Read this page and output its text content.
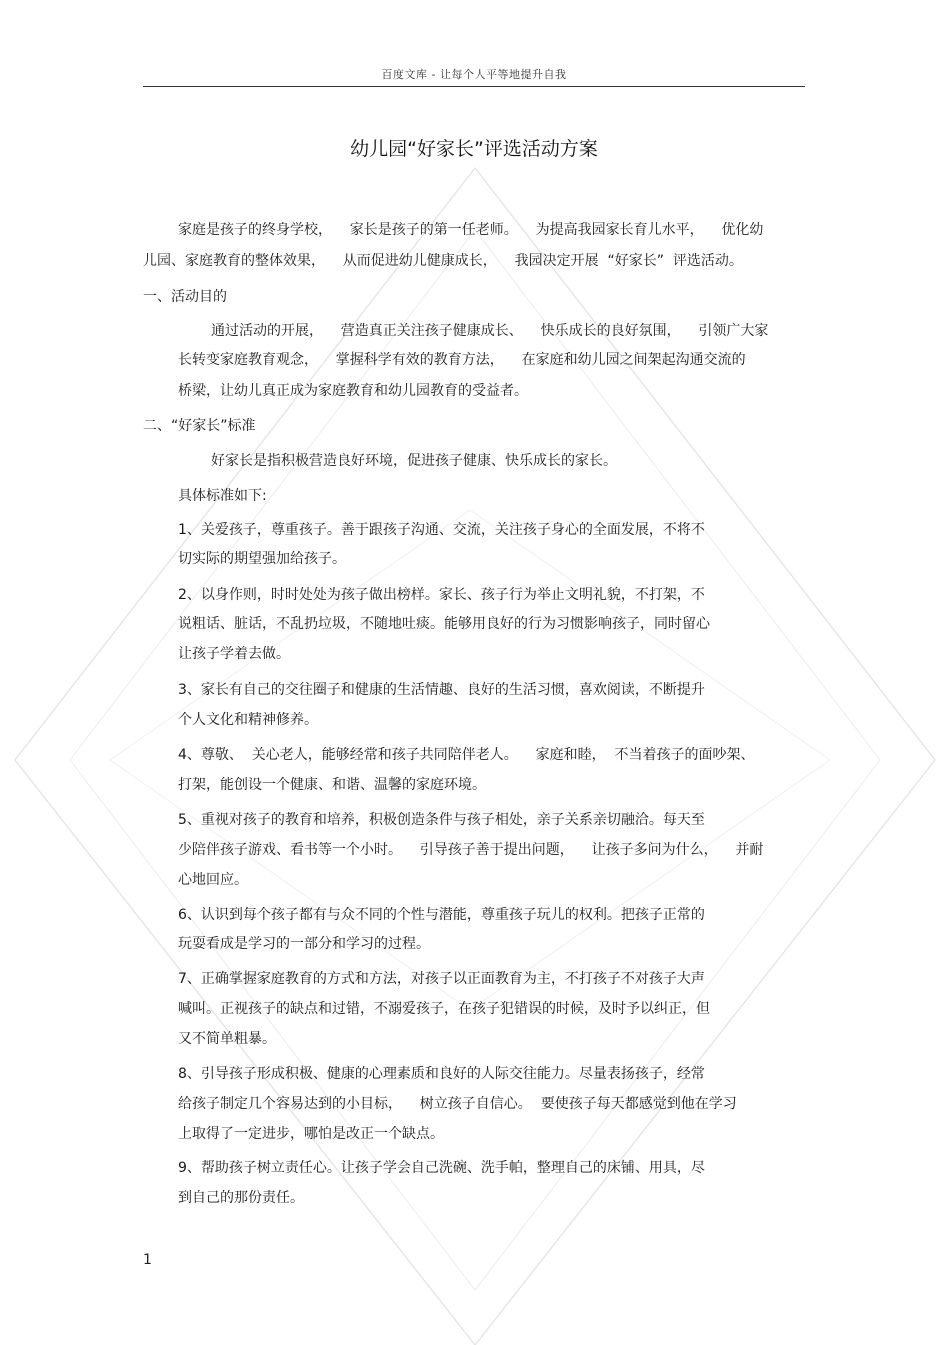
百度文库 - 让每个人平等地提升自我
幼儿园“好家长”评选活动方案
家庭是孩子的终身学校，    家长是孩子的第一任老师。    为提高我园家长育儿水平，    优化幼
儿园、家庭教育的整体效果，    从而促进幼儿健康成长，    我园决定开展  “好家长”  评选活动。
一、活动目的
通过活动的开展，    营造真正关注孩子健康成长、    快乐成长的良好氛围，    引领广大家
长转变家庭教育观念，    掌握科学有效的教育方法，    在家庭和幼儿园之间架起沟通交流的
桥梁，让幼儿真正成为家庭教育和幼儿园教育的受益者。
二、“好家长”标准
好家长是指积极营造良好环境，促进孩子健康、快乐成长的家长。
具体标准如下:
1、关爱孩子，尊重孩子。善于跟孩子沟通、交流，关注孩子身心的全面发展，不将不
切实际的期望强加给孩子。
2、以身作则，时时处处为孩子做出榜样。家长、孩子行为举止文明礼貌，不打架，不
说粗话、脏话，不乱扔垃圾，不随地吐痰。能够用良好的行为习惯影响孩子，同时留心
让孩子学着去做。
3、家长有自己的交往圈子和健康的生活情趣、良好的生活习惯，喜欢阅读，不断提升
个人文化和精神修养。
4、尊敬、  关心老人，能够经常和孩子共同陪伴老人。    家庭和睦，  不当着孩子的面吵架、
打架，能创设一个健康、和谐、温馨的家庭环境。
5、重视对孩子的教育和培养，积极创造条件与孩子相处，亲子关系亲切融洽。每天至
少陪伴孩子游戏、看书等一个小时。    引导孩子善于提出问题，    让孩子多问为什么，    并耐
心地回应。
6、认识到每个孩子都有与众不同的个性与潜能，尊重孩子玩儿的权利。把孩子正常的
玩耍看成是学习的一部分和学习的过程。
7、正确掌握家庭教育的方式和方法，对孩子以正面教育为主，不打孩子不对孩子大声
喊叫。正视孩子的缺点和过错，不溺爱孩子，在孩子犯错误的时候，及时予以纠正，但
又不简单粗暴。
8、引导孩子形成积极、健康的心理素质和良好的人际交往能力。尽量表扬孩子，经常
给孩子制定几个容易达到的小目标，    树立孩子自信心。  要使孩子每天都感觉到他在学习
上取得了一定进步，哪怕是改正一个缺点。
9、帮助孩子树立责任心。让孩子学会自己洗碗、洗手帕，整理自己的床铺、用具，尽
到自己的那份责任。
1
